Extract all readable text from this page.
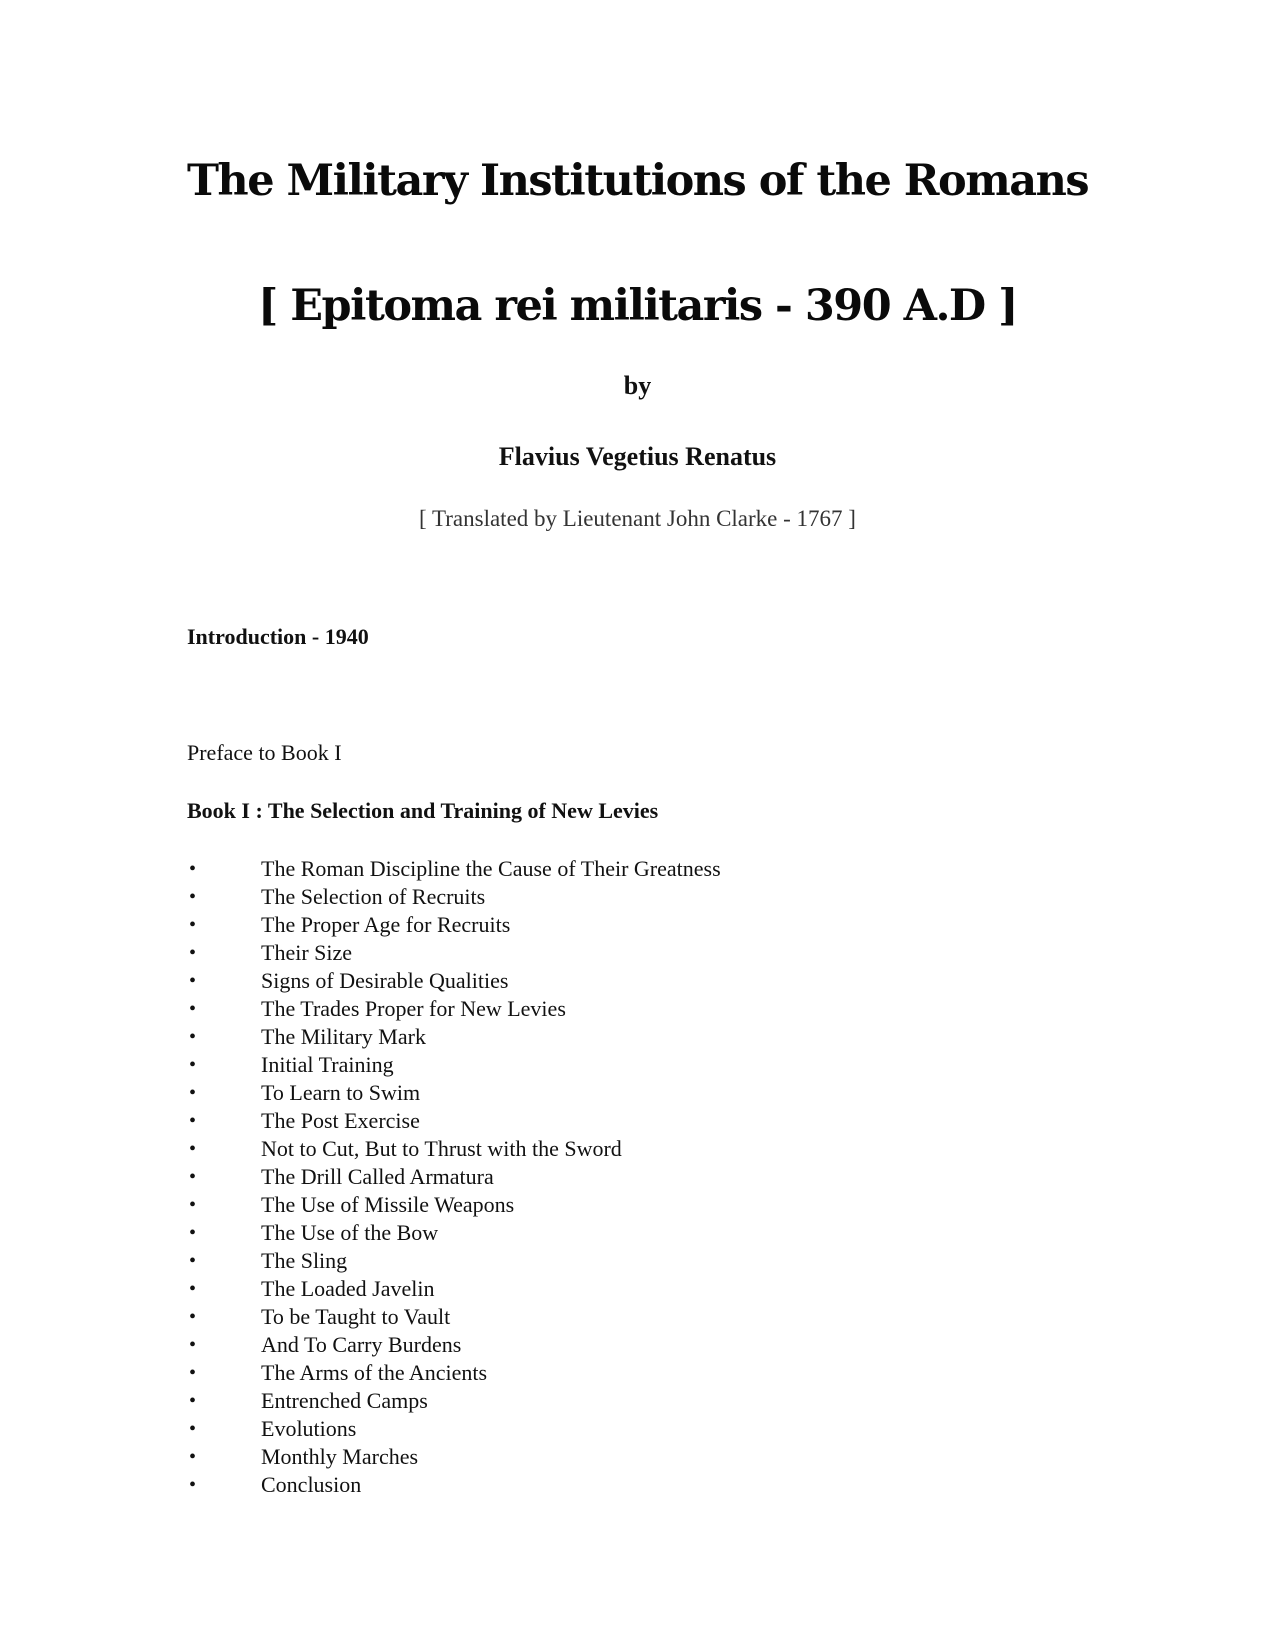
The Military Institutions of the Romans
[ Epitoma rei militaris - 390 A.D ]
by
Flavius Vegetius Renatus
[ Translated by Lieutenant John Clarke - 1767 ]
Introduction - 1940
Preface to Book I
Book I : The Selection and Training of New Levies
•	The Roman Discipline the Cause of Their Greatness
•	The Selection of Recruits
•	The Proper Age for Recruits
•	Their Size
•	Signs of Desirable Qualities
•	The Trades Proper for New Levies
•	The Military Mark
•	Initial Training
•	To Learn to Swim
•	The Post Exercise
•	Not to Cut, But to Thrust with the Sword
•	The Drill Called Armatura
•	The Use of Missile Weapons
•	The Use of the Bow
•	The Sling
•	The Loaded Javelin
•	To be Taught to Vault
•	And To Carry Burdens
•	The Arms of the Ancients
•	Entrenched Camps
•	Evolutions
•	Monthly Marches
•	Conclusion
